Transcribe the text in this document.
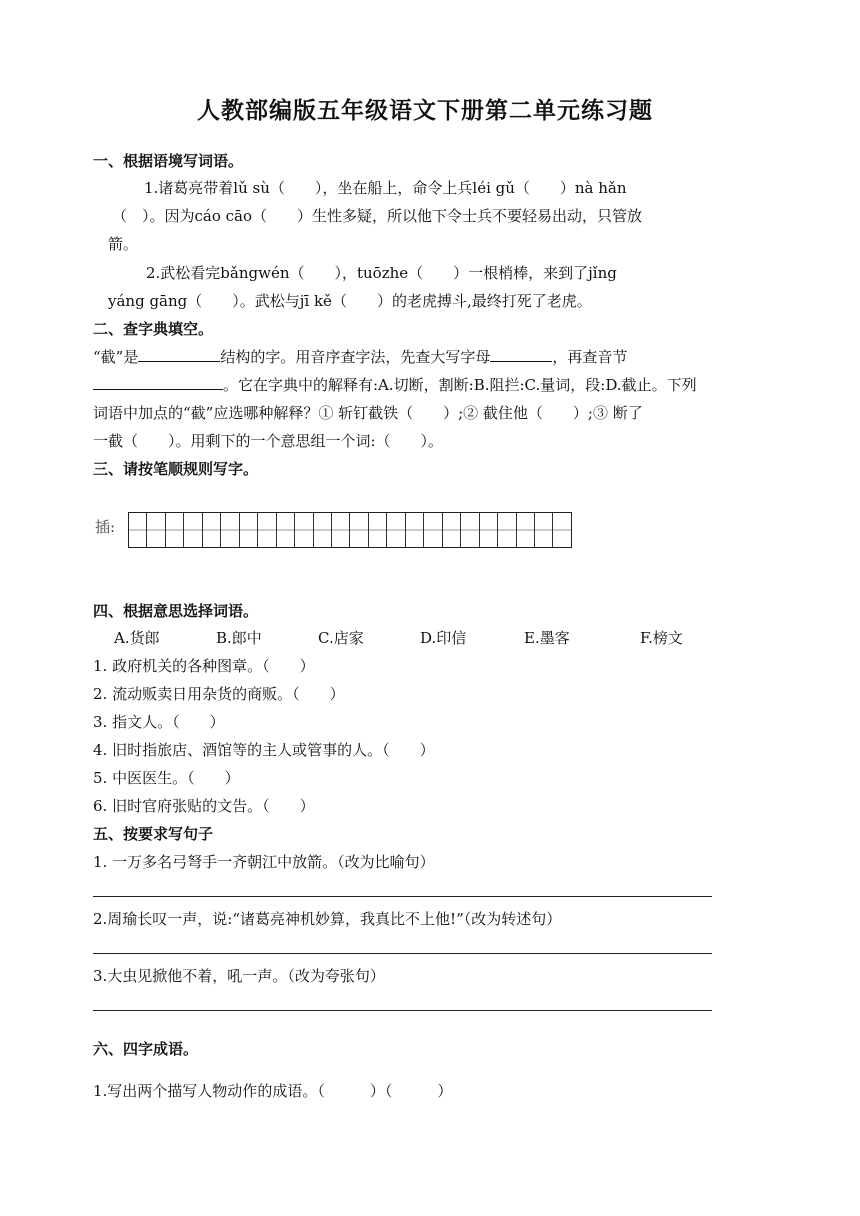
人教部编版五年级语文下册第二单元练习题
一、根据语境写词语。
1.诸葛亮带着lǔ sù（　　），坐在船上，命令上兵léi gǔ（　　）nà hǎn
（　）。因为cáo cāo（　　）生性多疑，所以他下令士兵不要轻易出动，只管放
箭。
2.武松看完bǎngwén（　　），tuōzhe（　　）一根梢棒，来到了jǐng
yáng gāng（　　）。武松与jī kě（　　）的老虎搏斗,最终打死了老虎。
二、查字典填空。
“截”是	结构的字。用音序查字法，先查大写字母	，再查音节
。它在字典中的解释有:A.切断，割断:B.阻拦:C.量词，段:D.截止。下列
词语中加点的“截”应选哪种解释？① 斩钉截铁（　　）;② 截住他（　　）;③ 断了
一截（　　）。用剩下的一个意思组一个词:（　　）。
三、请按笔顺规则写字。
插:
四、根据意思选择词语。
A.货郎	B.郎中	C.店家	D.印信	E.墨客	F.榜文
1. 政府机关的各种图章。（　　）
2. 流动贩卖日用杂货的商贩。（　　）
3. 指文人。（　　）
4. 旧时指旅店、酒馆等的主人或管事的人。（　　）
5. 中医医生。（　　）
6. 旧时官府张贴的文告。（　　）
五、按要求写句子
1. 一万多名弓弩手一齐朝江中放箭。（改为比喻句）
2.周瑜长叹一声，说:“诸葛亮神机妙算，我真比不上他!”（改为转述句）
3.大虫见掀他不着，吼一声。（改为夸张句）
六、四字成语。
1.写出两个描写人物动作的成语。（　　　）（　　　）
